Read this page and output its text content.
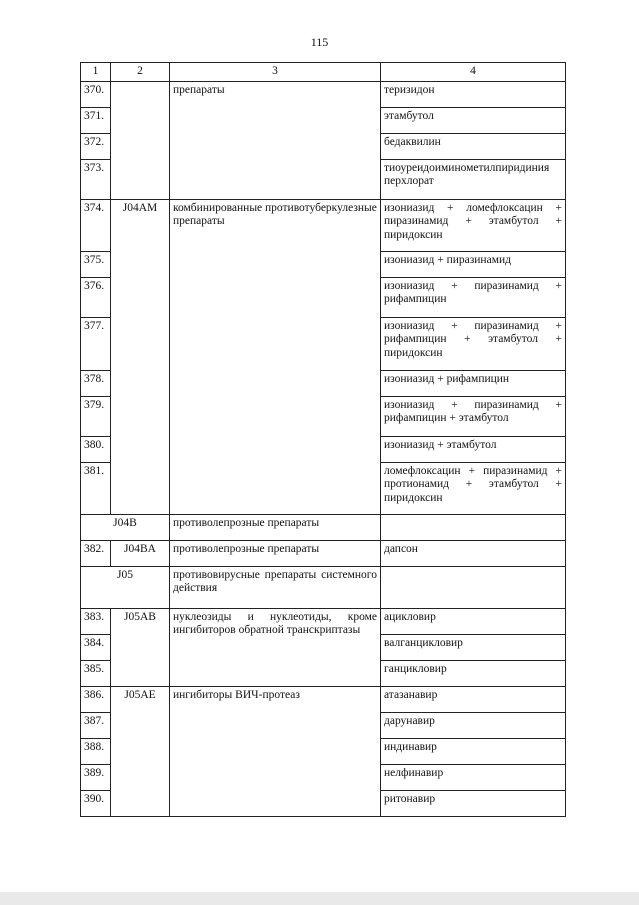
115
1	2	3	4
370.		препараты	теризидон
371.			этамбутол
372.			бедаквилин
373.			тиоуреидоиминометилпиридиния перхлорат
374.	J04AM	комбинированные противотуберкулезные препараты	изониазид + ломефлоксацин + пиразинамид + этамбутол + пиридоксин
375.			изониазид + пиразинамид
376.			изониазид + пиразинамид + рифампицин
377.			изониазид + пиразинамид + рифампицин + этамбутол + пиридоксин
378.			изониазид + рифампицин
379.			изониазид + пиразинамид + рифампицин + этамбутол
380.			изониазид + этамбутол
381.			ломефлоксацин + пиразинамид + протионамид + этамбутол + пиридоксин
J04B		противолепрозные препараты	
382.	J04BA	противолепрозные препараты	дапсон
J05		противовирусные препараты системного действия	
383.	J05AB	нуклеозиды и нуклеотиды, кроме ингибиторов обратной транскриптазы	ацикловир
384.			валганцикловир
385.			ганцикловир
386.	J05AE	ингибиторы ВИЧ-протеаз	атазанавир
387.			дарунавир
388.			индинавир
389.			нелфинавир
390.			ритонавир
